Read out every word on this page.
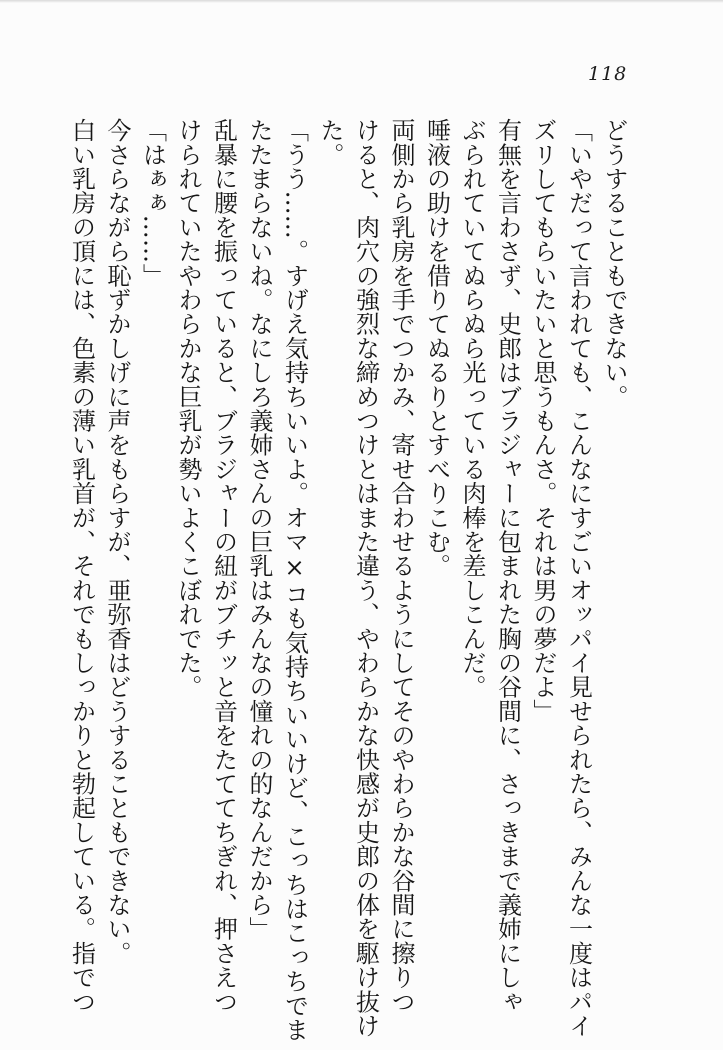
118
どうすることもできない。
「いやだって言われても、こんなにすごいオッパイ見せられたら、みんな一度はパイ
ズリしてもらいたいと思うもんさ。それは男の夢だよ」
有無を言わさず、史郎はブラジャーに包まれた胸の谷間に、さっきまで義姉にしゃ
ぶられていてぬらぬら光っている肉棒を差しこんだ。
唾液の助けを借りてぬるりとすべりこむ。
両側から乳房を手でつかみ、寄せ合わせるようにしてそのやわらかな谷間に擦りつ
けると、肉穴の強烈な締めつけとはまた違う、やわらかな快感が史郎の体を駆け抜け
た。
「うう……。すげえ気持ちいいよ。オマ×コも気持ちいいけど、こっちはこっちでま
たたまらないね。なにしろ義姉さんの巨乳はみんなの憧れの的なんだから」
乱暴に腰を振っていると、ブラジャーの紐がブチッと音をたててちぎれ、押さえつ
けられていたやわらかな巨乳が勢いよくこぼれでた。
「はぁぁ……」
今さらながら恥ずかしげに声をもらすが、亜弥香はどうすることもできない。
白い乳房の頂には、色素の薄い乳首が、それでもしっかりと勃起している。指でつ
